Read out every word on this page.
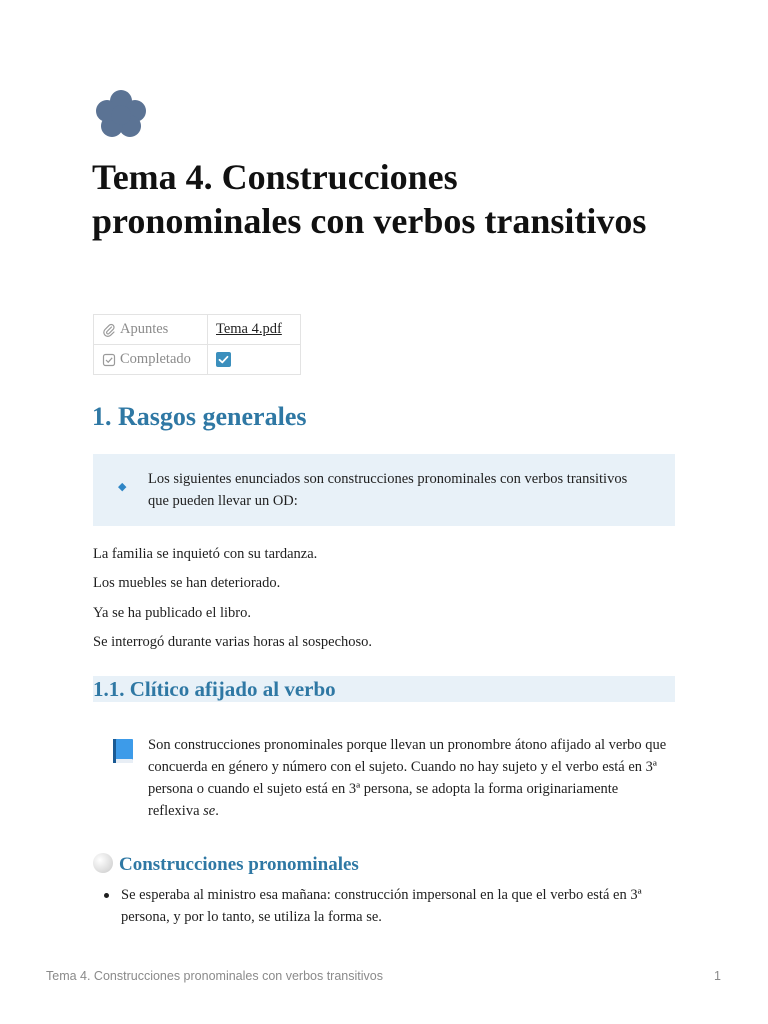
Tema 4. Construcciones pronominales con verbos transitivos
Apuntes	Tema 4.pdf
Completado	
1. Rasgos generales
◆ Los siguientes enunciados son construcciones pronominales con verbos transitivos que pueden llevar un OD:

La familia se inquietó con su tardanza.

Los muebles se han deteriorado.

Ya se ha publicado el libro.

Se interrogó durante varias horas al sospechoso.

1.1. Clítico afijado al verbo
Son construcciones pronominales porque llevan un pronombre átono afijado al verbo que concuerda en género y número con el sujeto. Cuando no hay sujeto y el verbo está en 3ª persona o cuando el sujeto está en 3ª persona, se adopta la forma originariamente reflexiva se.
Construcciones pronominales
Se esperaba al ministro esa mañana: construcción impersonal en la que el verbo está en 3ª persona, y por lo tanto, se utiliza la forma se.
Tema 4. Construcciones pronominales con verbos transitivos	1
